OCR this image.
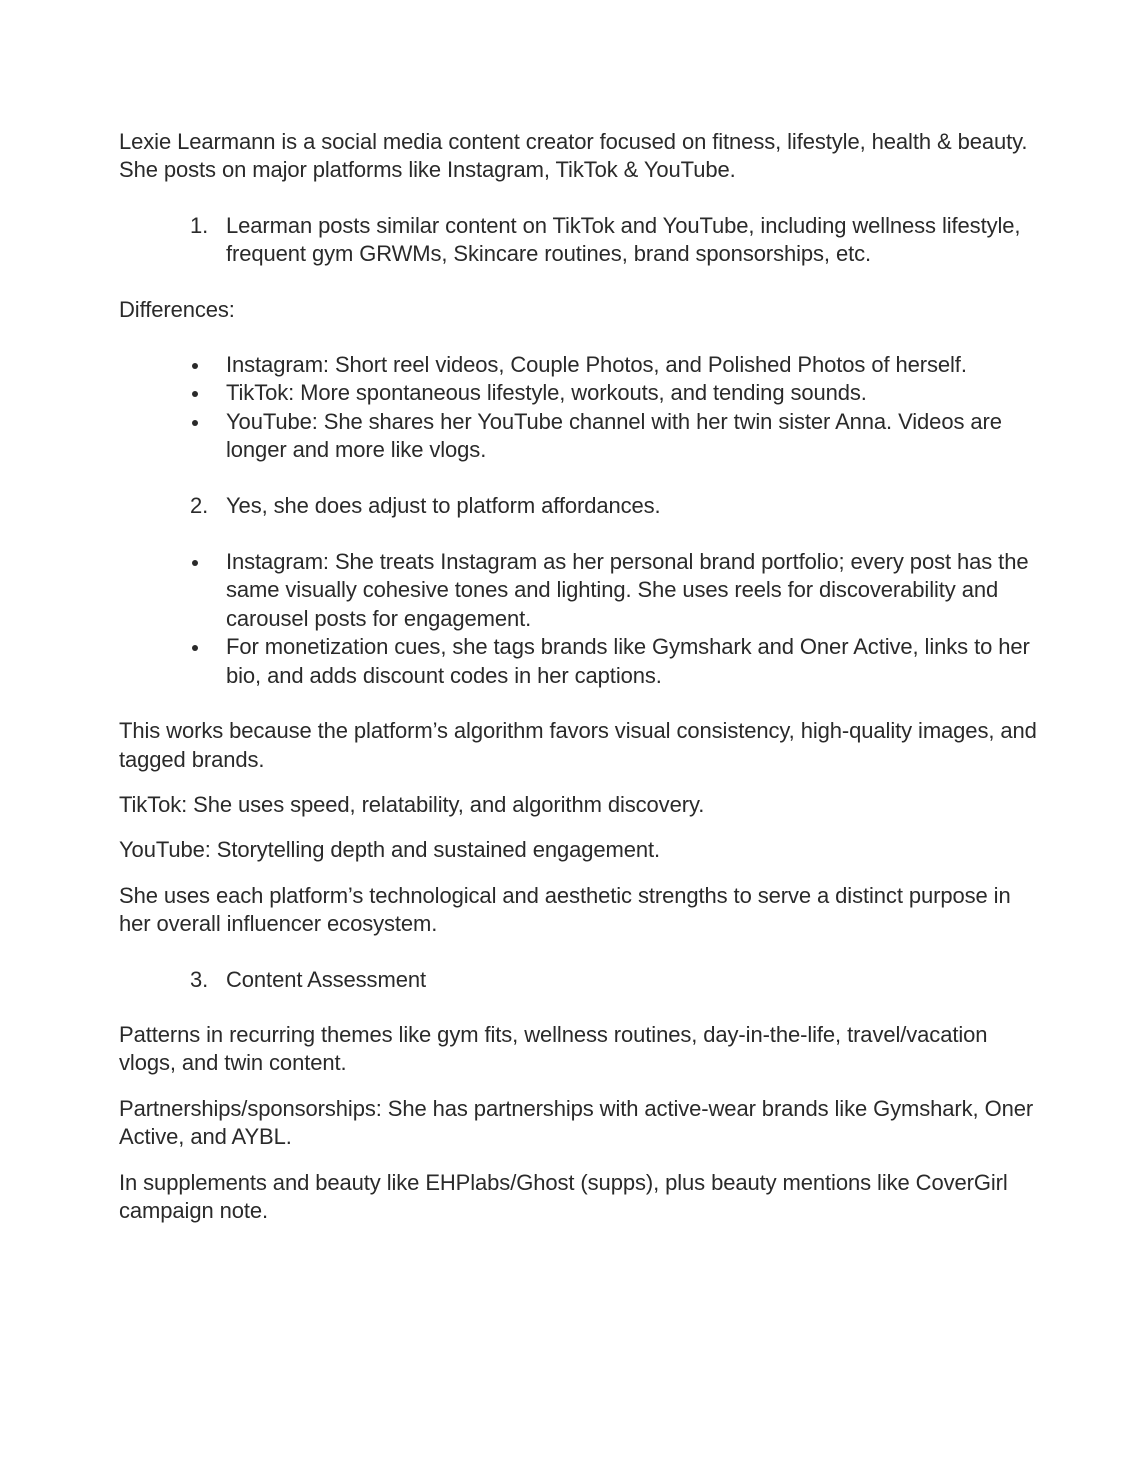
Lexie Learmann is a social media content creator focused on fitness, lifestyle, health & beauty. She posts on major platforms like Instagram, TikTok & YouTube.

1. Learman posts similar content on TikTok and YouTube, including wellness lifestyle, frequent gym GRWMs, Skincare routines, brand sponsorships, etc.

Differences:

Instagram: Short reel videos, Couple Photos, and Polished Photos of herself.
TikTok: More spontaneous lifestyle, workouts, and tending sounds.
YouTube: She shares her YouTube channel with her twin sister Anna. Videos are longer and more like vlogs.
2. Yes, she does adjust to platform affordances.
Instagram: She treats Instagram as her personal brand portfolio; every post has the same visually cohesive tones and lighting. She uses reels for discoverability and carousel posts for engagement.
For monetization cues, she tags brands like Gymshark and Oner Active, links to her bio, and adds discount codes in her captions.

This works because the platform’s algorithm favors visual consistency, high-quality images, and tagged brands.

TikTok: She uses speed, relatability, and algorithm discovery.

YouTube: Storytelling depth and sustained engagement.

She uses each platform’s technological and aesthetic strengths to serve a distinct purpose in her overall influencer ecosystem.

3. Content Assessment

Patterns in recurring themes like gym fits, wellness routines, day-in-the-life, travel/vacation vlogs, and twin content.

Partnerships/sponsorships: She has partnerships with active-wear brands like Gymshark, Oner Active, and AYBL.

In supplements and beauty like EHPlabs/Ghost (supps), plus beauty mentions like CoverGirl campaign note.
